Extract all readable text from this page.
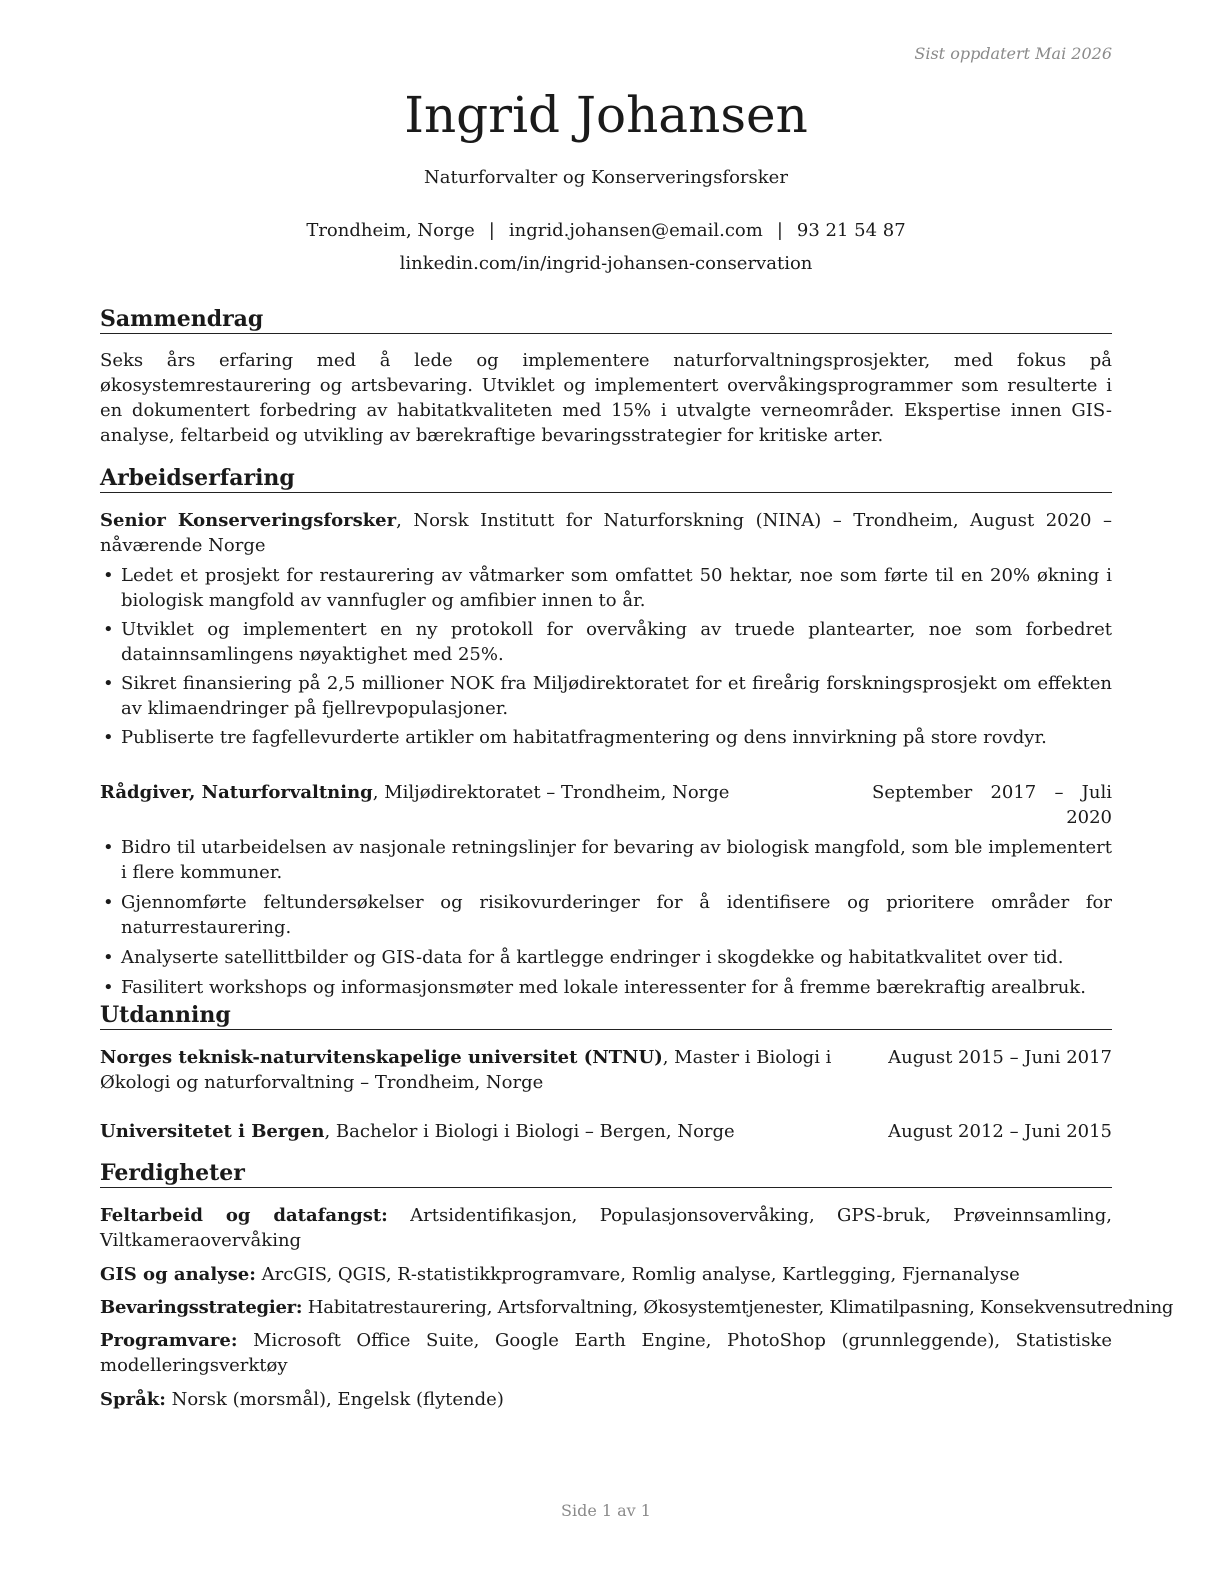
Sist oppdatert Mai 2026
Ingrid Johansen
Naturforvalter og Konserveringsforsker
Trondheim, Norge | ingrid.johansen@email.com | 93 21 54 87
linkedin.com/in/ingrid-johansen-conservation
Sammendrag
Seks års erfaring med å lede og implementere naturforvaltningsprosjekter, med fokus på økosystemrestaurering og artsbevaring. Utviklet og implementert overvåkingsprogrammer som resulterte i en dokumentert forbedring av habitatkvaliteten med 15% i utvalgte verneområder. Ekspertise innen GIS-analyse, feltarbeid og utvikling av bærekraftige bevaringsstrategier for kritiske arter.
Arbeidserfaring
Senior Konserveringsforsker, Norsk Institutt for Naturforskning (NINA) – Trondheim, August 2020 – nåværende Norge
• Ledet et prosjekt for restaurering av våtmarker som omfattet 50 hektar, noe som førte til en 20% økning i biologisk mangfold av vannfugler og amfibier innen to år.
• Utviklet og implementert en ny protokoll for overvåking av truede plantearter, noe som forbedret datainnsamlingens nøyaktighet med 25%.
• Sikret finansiering på 2,5 millioner NOK fra Miljødirektoratet for et fireårig forskningsprosjekt om effekten av klimaendringer på fjellrevpopulasjoner.
• Publiserte tre fagfellevurderte artikler om habitatfragmentering og dens innvirkning på store rovdyr.
Rådgiver, Naturforvaltning, Miljødirektoratet – Trondheim, Norge	September 2017 – Juli 2020
• Bidro til utarbeidelsen av nasjonale retningslinjer for bevaring av biologisk mangfold, som ble implementert i flere kommuner.
• Gjennomførte feltundersøkelser og risikovurderinger for å identifisere og prioritere områder for naturrestaurering.
• Analyserte satellittbilder og GIS-data for å kartlegge endringer i skogdekke og habitatkvalitet over tid.
• Fasilitert workshops og informasjonsmøter med lokale interessenter for å fremme bærekraftig arealbruk.
Utdanning
Norges teknisk-naturvitenskapelige universitet (NTNU), Master i Biologi i Økologi og naturforvaltning – Trondheim, Norge
August 2015 – Juni 2017
Universitetet i Bergen, Bachelor i Biologi i Biologi – Bergen, Norge	August 2012 – Juni 2015
Ferdigheter
Feltarbeid og datafangst: Artsidentifikasjon, Populasjonsovervåking, GPS-bruk, Prøveinnsamling, Viltkameraovervåking
GIS og analyse: ArcGIS, QGIS, R-statistikkprogramvare, Romlig analyse, Kartlegging, Fjernanalyse
Bevaringsstrategier: Habitatrestaurering, Artsforvaltning, Økosystemtjenester, Klimatilpasning, Konsekvensutredning
Programvare: Microsoft Office Suite, Google Earth Engine, PhotoShop (grunnleggende), Statistiske modelleringsverktøy
Språk: Norsk (morsmål), Engelsk (flytende)
Side 1 av 1
